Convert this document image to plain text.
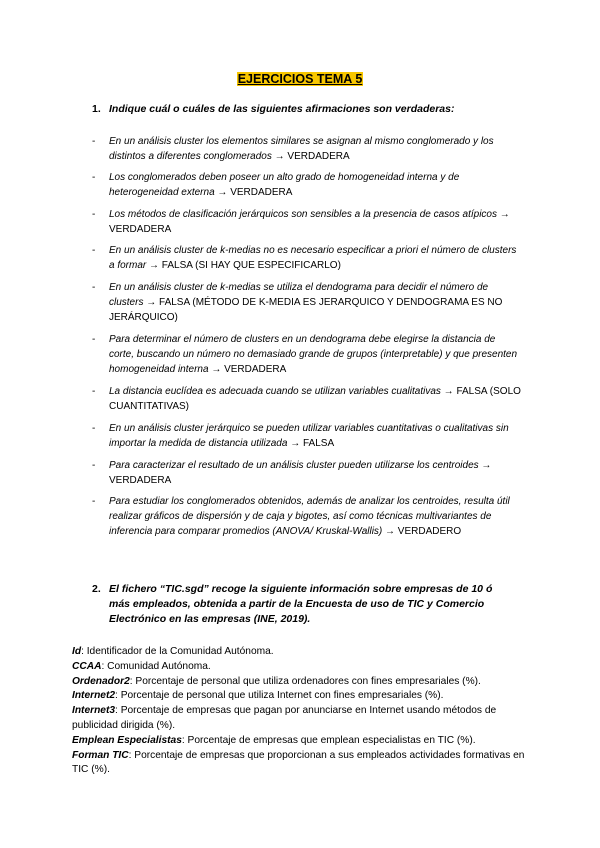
EJERCICIOS TEMA 5
1. Indique cuál o cuáles de las siguientes afirmaciones son verdaderas:
- En un análisis cluster los elementos similares se asignan al mismo conglomerado y los distintos a diferentes conglomerados → VERDADERA
- Los conglomerados deben poseer un alto grado de homogeneidad interna y de heterogeneidad externa → VERDADERA
- Los métodos de clasificación jerárquicos son sensibles a la presencia de casos atípicos → VERDADERA
- En un análisis cluster de k-medias no es necesario especificar a priori el número de clusters a formar → FALSA (SI HAY QUE ESPECIFICARLO)
- En un análisis cluster de k-medias se utiliza el dendograma para decidir el número de clusters → FALSA (MÉTODO DE K-MEDIA ES JERARQUICO Y DENDOGRAMA ES NO JERÁRQUICO)
- Para determinar el número de clusters en un dendograma debe elegirse la distancia de corte, buscando un número no demasiado grande de grupos (interpretable) y que presenten homogeneidad interna → VERDADERA
- La distancia euclídea es adecuada cuando se utilizan variables cualitativas → FALSA (SOLO CUANTITATIVAS)
- En un análisis cluster jerárquico se pueden utilizar variables cuantitativas o cualitativas sin importar la medida de distancia utilizada → FALSA
- Para caracterizar el resultado de un análisis cluster pueden utilizarse los centroides → VERDADERA
- Para estudiar los conglomerados obtenidos, además de analizar los centroides, resulta útil realizar gráficos de dispersión y de caja y bigotes, así como técnicas multivariantes de inferencia para comparar promedios (ANOVA/ Kruskal-Wallis) → VERDADERO
2. El fichero “TIC.sgd” recoge la siguiente información sobre empresas de 10 ó más empleados, obtenida a partir de la Encuesta de uso de TIC y Comercio Electrónico en las empresas (INE, 2019).
Id: Identificador de la Comunidad Autónoma.
CCAA: Comunidad Autónoma.
Ordenador2: Porcentaje de personal que utiliza ordenadores con fines empresariales (%).
Internet2: Porcentaje de personal que utiliza Internet con fines empresariales (%).
Internet3: Porcentaje de empresas que pagan por anunciarse en Internet usando métodos de publicidad dirigida (%).
Emplean Especialistas: Porcentaje de empresas que emplean especialistas en TIC (%).
Forman TIC: Porcentaje de empresas que proporcionan a sus empleados actividades formativas en TIC (%).
